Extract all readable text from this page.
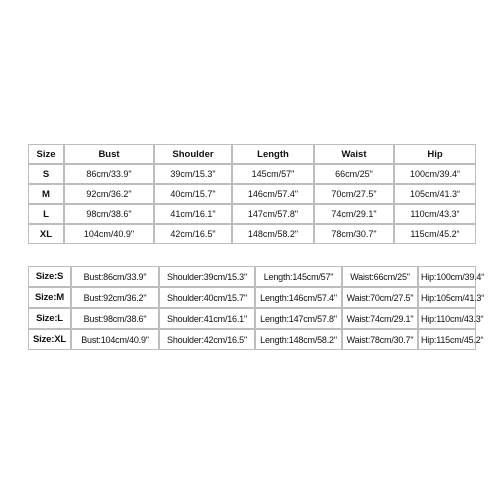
Size	Bust	Shoulder	Length	Waist	Hip
S	86cm/33.9"	39cm/15.3"	145cm/57"	66cm/25"	100cm/39.4“
M	92cm/36.2"	40cm/15.7"	146cm/57.4"	70cm/27.5"	105cm/41.3“
L	98cm/38.6"	41cm/16.1"	147cm/57.8"	74cm/29.1"	110cm/43.3“
XL	104cm/40.9"	42cm/16.5"	148cm/58.2"	78cm/30.7"	115cm/45.2“
Size:S	Bust:86cm/33.9"	Shoulder:39cm/15.3"	Length:145cm/57"	Waist:66cm/25"	Hip:100cm/39.4“
Size:M	Bust:92cm/36.2"	Shoulder:40cm/15.7"	Length:146cm/57.4"	Waist:70cm/27.5"	Hip:105cm/41.3“
Size:L	Bust:98cm/38.6"	Shoulder:41cm/16.1"	Length:147cm/57.8"	Waist:74cm/29.1"	Hip:110cm/43.3“
Size:XL	Bust:104cm/40.9"	Shoulder:42cm/16.5"	Length:148cm/58.2"	Waist:78cm/30.7"	Hip:115cm/45.2“
